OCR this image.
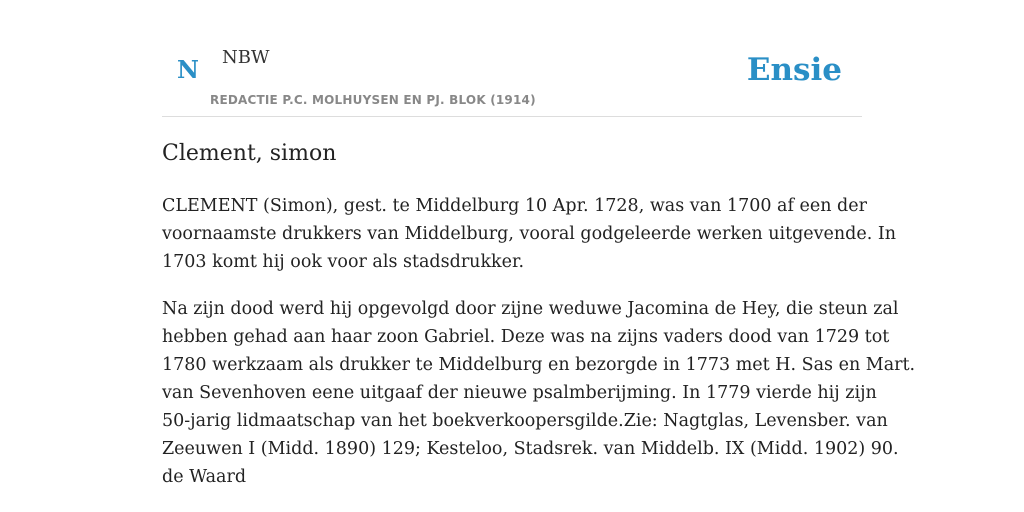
N NBW
REDACTIE P.C. MOLHUYSEN EN PJ. BLOK (1914)
Ensie
Clement, simon

CLEMENT (Simon), gest. te Middelburg 10 Apr. 1728, was van 1700 af een der
voornaamste drukkers van Middelburg, vooral godgeleerde werken uitgevende. In
1703 komt hij ook voor als stadsdrukker.

Na zijn dood werd hij opgevolgd door zijne weduwe Jacomina de Hey, die steun zal
hebben gehad aan haar zoon Gabriel. Deze was na zijns vaders dood van 1729 tot
1780 werkzaam als drukker te Middelburg en bezorgde in 1773 met H. Sas en Mart.
van Sevenhoven eene uitgaaf der nieuwe psalmberijming. In 1779 vierde hij zijn
50-jarig lidmaatschap van het boekverkoopersgilde.Zie: Nagtglas, Levensber. van
Zeeuwen I (Midd. 1890) 129; Kesteloo, Stadsrek. van Middelb. IX (Midd. 1902) 90.
de Waard
